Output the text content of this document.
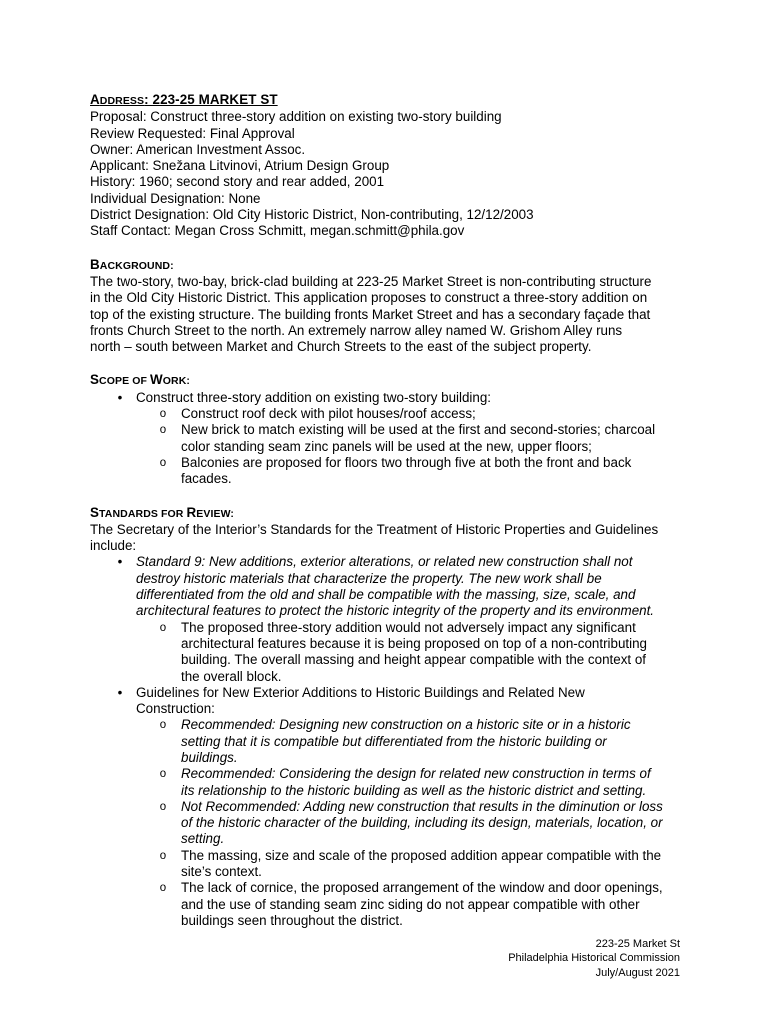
ADDRESS: 223-25 MARKET ST
Proposal: Construct three-story addition on existing two-story building
Review Requested: Final Approval
Owner: American Investment Assoc.
Applicant: Snežana Litvinovi, Atrium Design Group
History: 1960; second story and rear added, 2001
Individual Designation: None
District Designation: Old City Historic District, Non-contributing, 12/12/2003
Staff Contact: Megan Cross Schmitt, megan.schmitt@phila.gov
BACKGROUND:
The two-story, two-bay, brick-clad building at 223-25 Market Street is non-contributing structure
in the Old City Historic District. This application proposes to construct a three-story addition on
top of the existing structure. The building fronts Market Street and has a secondary façade that
fronts Church Street to the north. An extremely narrow alley named W. Grishom Alley runs
north – south between Market and Church Streets to the east of the subject property.
SCOPE OF WORK:
• Construct three-story addition on existing two-story building:
o Construct roof deck with pilot houses/roof access;
o New brick to match existing will be used at the first and second-stories; charcoal
color standing seam zinc panels will be used at the new, upper floors;
o Balconies are proposed for floors two through five at both the front and back
facades.
STANDARDS FOR REVIEW:
The Secretary of the Interior’s Standards for the Treatment of Historic Properties and Guidelines
include:
• Standard 9: New additions, exterior alterations, or related new construction shall not
destroy historic materials that characterize the property. The new work shall be
differentiated from the old and shall be compatible with the massing, size, scale, and
architectural features to protect the historic integrity of the property and its environment.
o The proposed three-story addition would not adversely impact any significant
architectural features because it is being proposed on top of a non-contributing
building. The overall massing and height appear compatible with the context of
the overall block.
• Guidelines for New Exterior Additions to Historic Buildings and Related New
Construction:
o Recommended: Designing new construction on a historic site or in a historic
setting that it is compatible but differentiated from the historic building or
buildings.
o Recommended: Considering the design for related new construction in terms of
its relationship to the historic building as well as the historic district and setting.
o Not Recommended: Adding new construction that results in the diminution or loss
of the historic character of the building, including its design, materials, location, or
setting.
o The massing, size and scale of the proposed addition appear compatible with the
site’s context.
o The lack of cornice, the proposed arrangement of the window and door openings,
and the use of standing seam zinc siding do not appear compatible with other
buildings seen throughout the district.
223-25 Market St
Philadelphia Historical Commission
July/August 2021
